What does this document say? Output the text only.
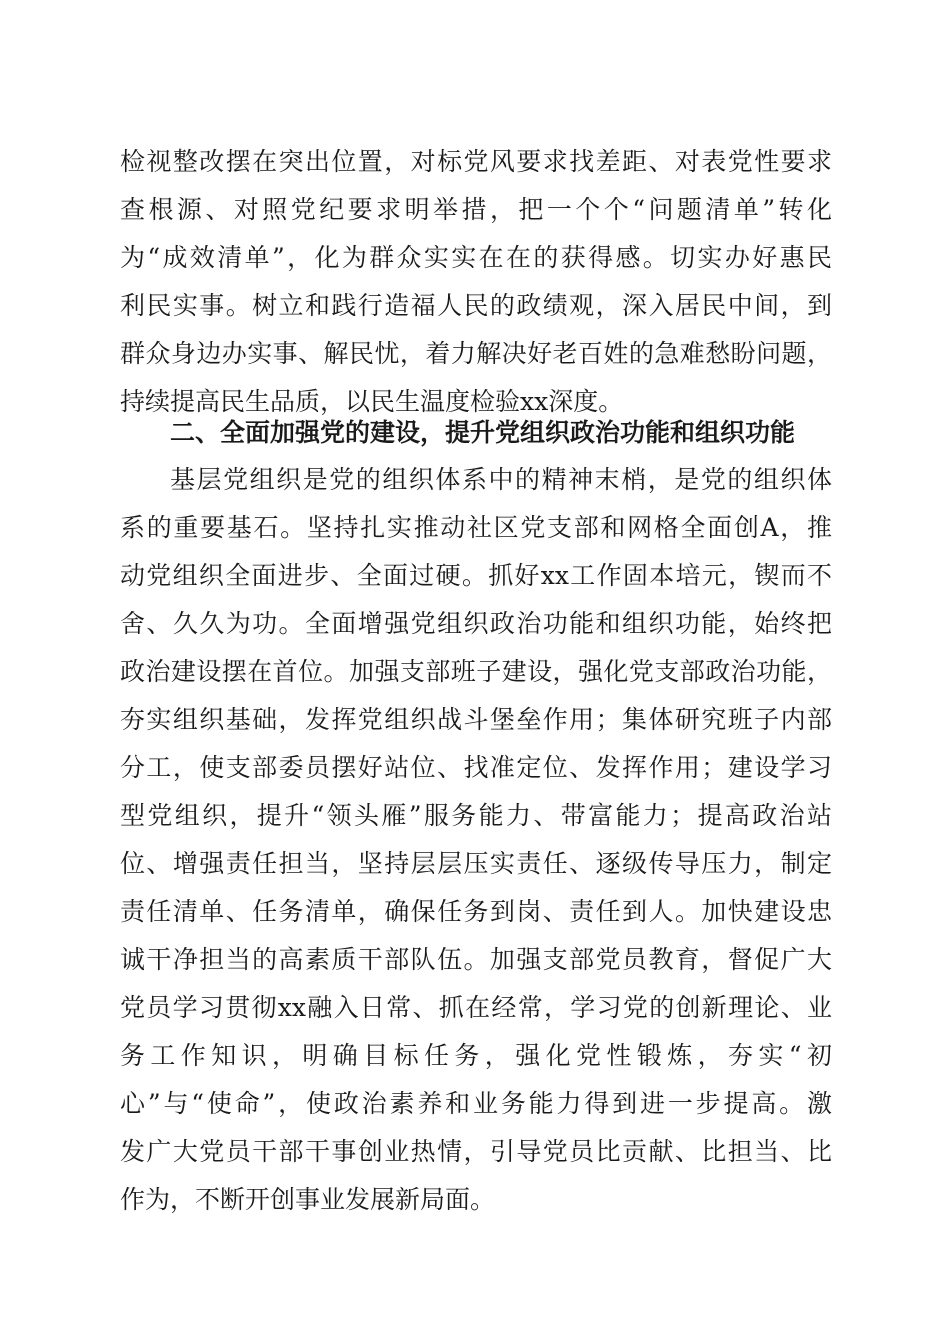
检视整改摆在突出位置，对标党风要求找差距、对表党性要求
查根源、对照党纪要求明举措，把一个个“问题清单”转化
为“成效清单”，化为群众实实在在的获得感。切实办好惠民
利民实事。树立和践行造福人民的政绩观，深入居民中间，到
群众身边办实事、解民忧，着力解决好老百姓的急难愁盼问题，
持续提高民生品质，以民生温度检验xx深度。
二、全面加强党的建设，提升党组织政治功能和组织功能
基层党组织是党的组织体系中的精神末梢，是党的组织体
系的重要基石。坚持扎实推动社区党支部和网格全面创A，推
动党组织全面进步、全面过硬。抓好xx工作固本培元，锲而不
舍、久久为功。全面增强党组织政治功能和组织功能，始终把
政治建设摆在首位。加强支部班子建设，强化党支部政治功能，
夯实组织基础，发挥党组织战斗堡垒作用；集体研究班子内部
分工，使支部委员摆好站位、找准定位、发挥作用；建设学习
型党组织，提升“领头雁”服务能力、带富能力；提高政治站
位、增强责任担当，坚持层层压实责任、逐级传导压力，制定
责任清单、任务清单，确保任务到岗、责任到人。加快建设忠
诚干净担当的高素质干部队伍。加强支部党员教育，督促广大
党员学习贯彻xx融入日常、抓在经常，学习党的创新理论、业
务工作知识，明确目标任务，强化党性锻炼，夯实“初
心”与“使命”，使政治素养和业务能力得到进一步提高。激
发广大党员干部干事创业热情，引导党员比贡献、比担当、比
作为，不断开创事业发展新局面。
